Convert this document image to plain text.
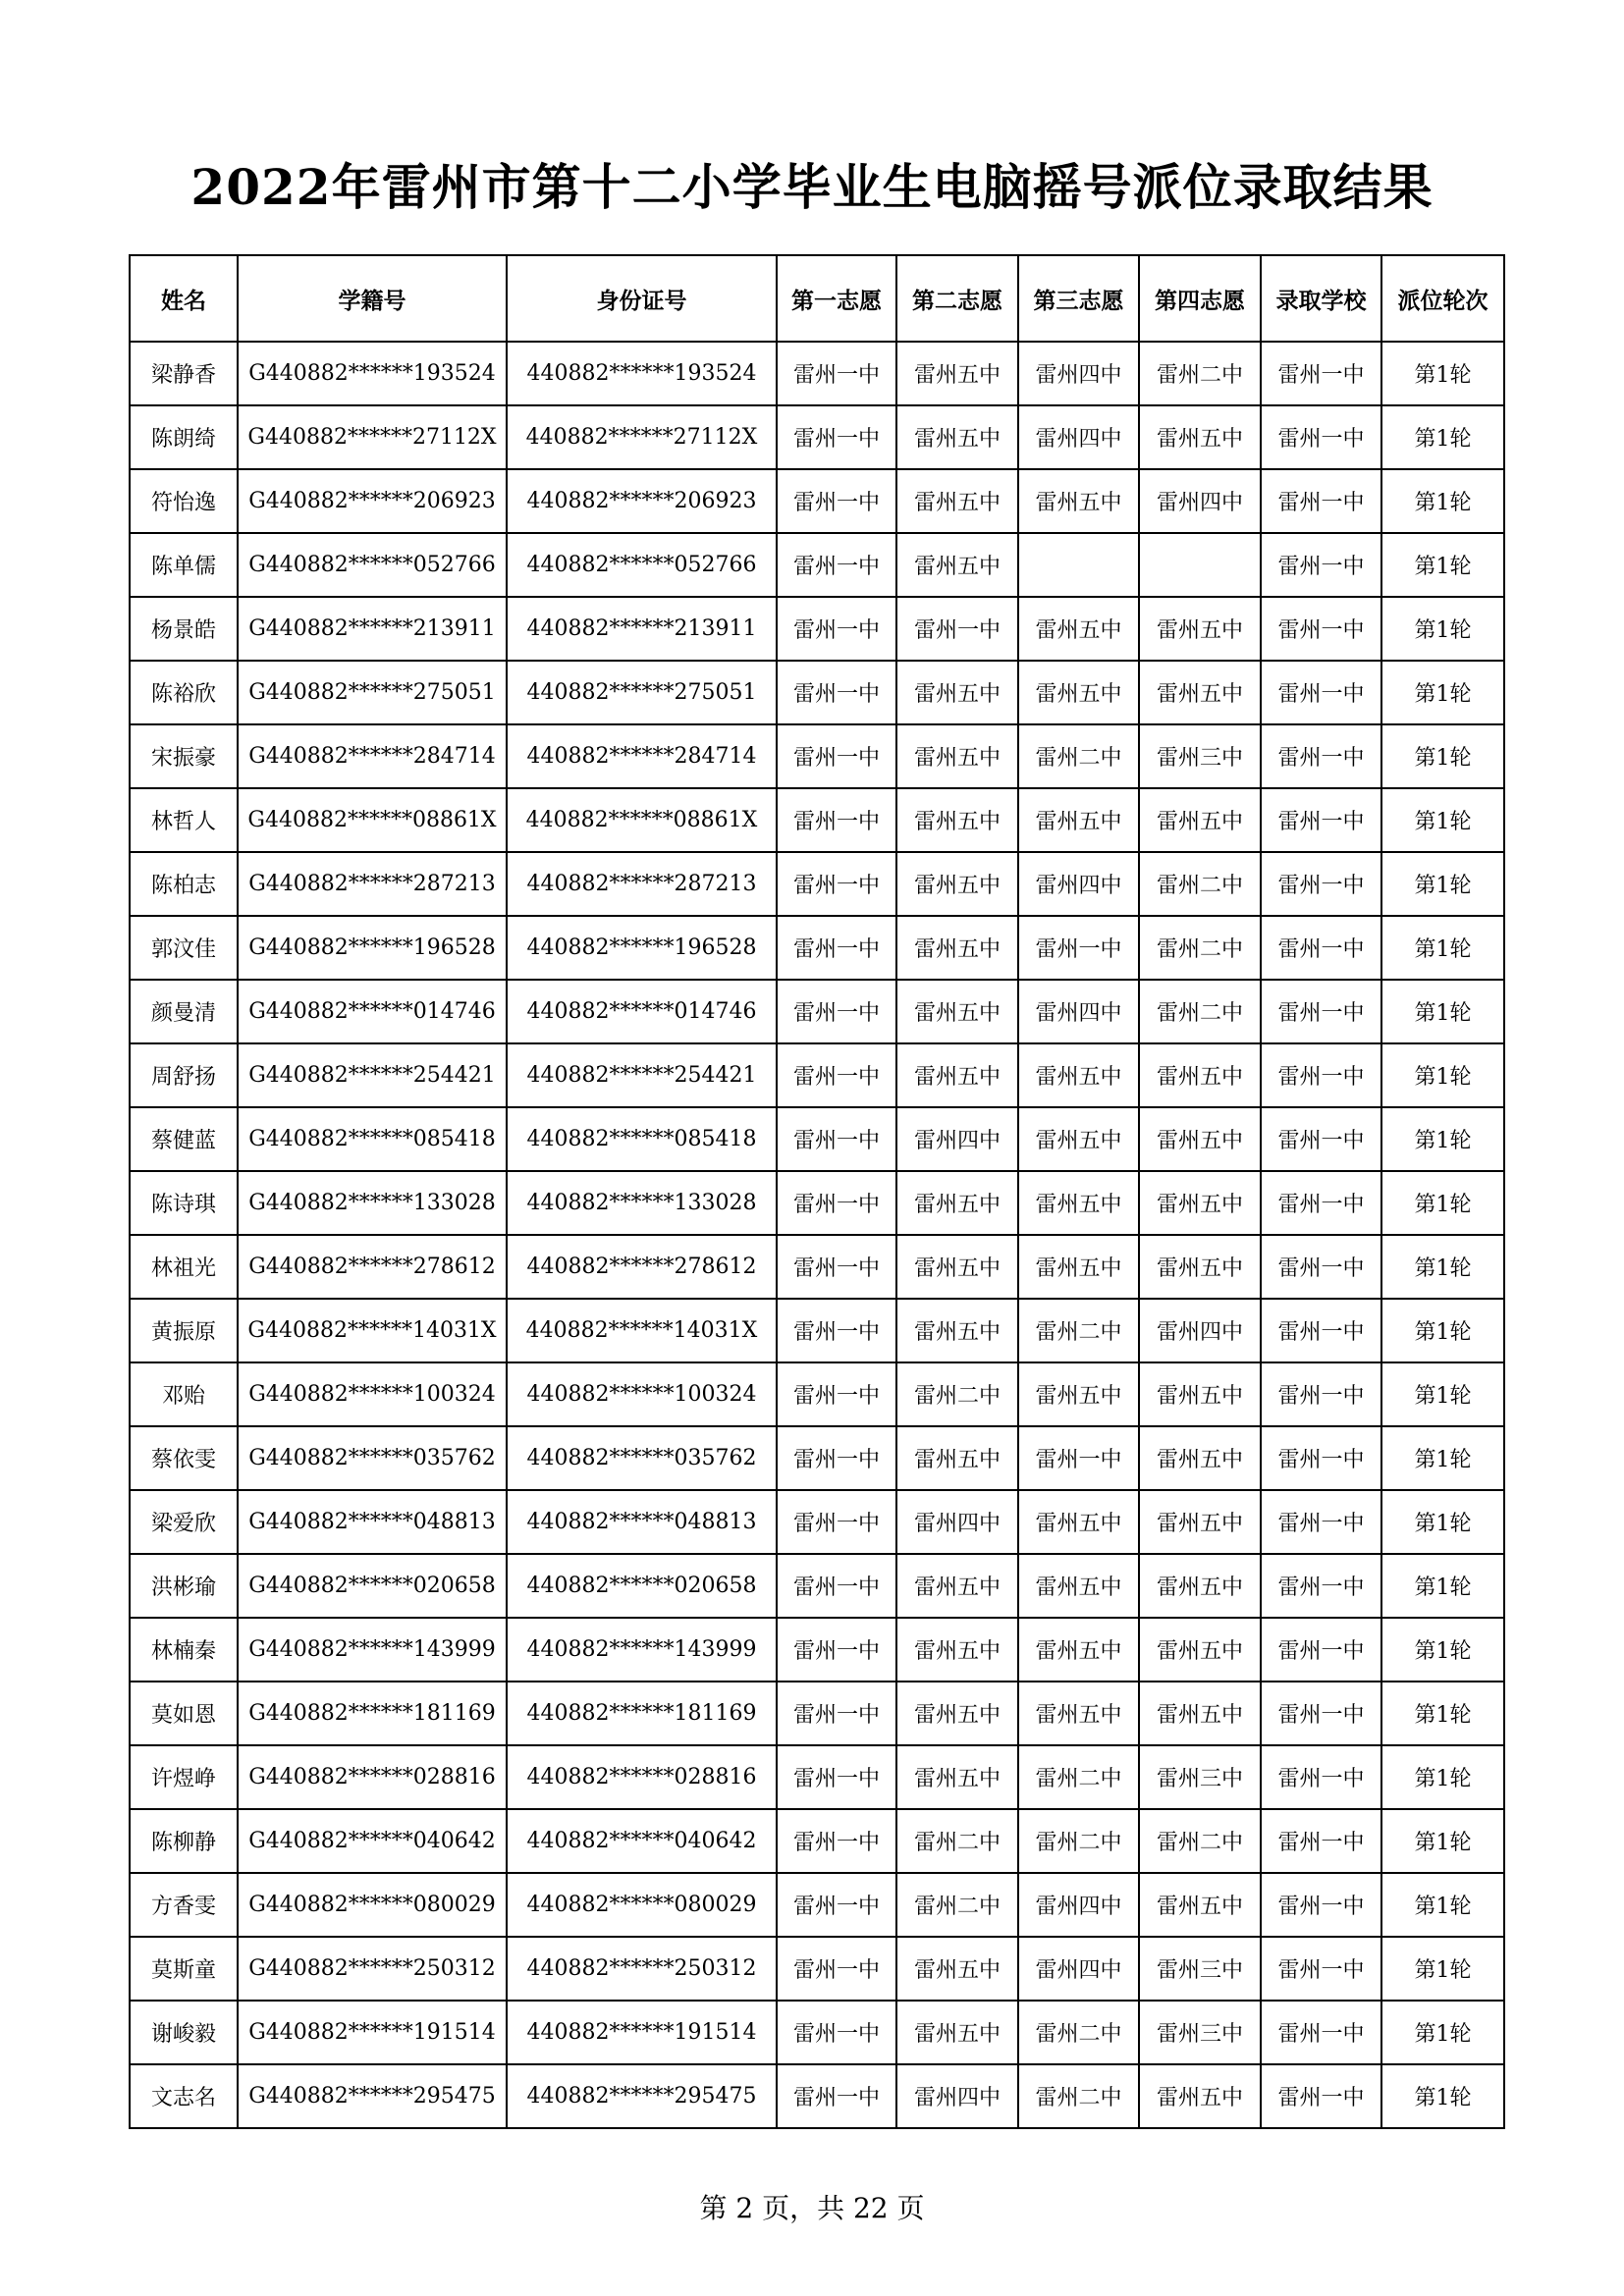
2022年雷州市第十二小学毕业生电脑摇号派位录取结果
姓名	学籍号	身份证号	第一志愿	第二志愿	第三志愿	第四志愿	录取学校	派位轮次
梁静香	G440882******193524	440882******193524	雷州一中	雷州五中	雷州四中	雷州二中	雷州一中	第1轮
陈朗绮	G440882******27112X	440882******27112X	雷州一中	雷州五中	雷州四中	雷州五中	雷州一中	第1轮
符怡逸	G440882******206923	440882******206923	雷州一中	雷州五中	雷州五中	雷州四中	雷州一中	第1轮
陈单儒	G440882******052766	440882******052766	雷州一中	雷州五中			雷州一中	第1轮
杨景皓	G440882******213911	440882******213911	雷州一中	雷州一中	雷州五中	雷州五中	雷州一中	第1轮
陈裕欣	G440882******275051	440882******275051	雷州一中	雷州五中	雷州五中	雷州五中	雷州一中	第1轮
宋振豪	G440882******284714	440882******284714	雷州一中	雷州五中	雷州二中	雷州三中	雷州一中	第1轮
林哲人	G440882******08861X	440882******08861X	雷州一中	雷州五中	雷州五中	雷州五中	雷州一中	第1轮
陈柏志	G440882******287213	440882******287213	雷州一中	雷州五中	雷州四中	雷州二中	雷州一中	第1轮
郭汶佳	G440882******196528	440882******196528	雷州一中	雷州五中	雷州一中	雷州二中	雷州一中	第1轮
颜曼清	G440882******014746	440882******014746	雷州一中	雷州五中	雷州四中	雷州二中	雷州一中	第1轮
周舒扬	G440882******254421	440882******254421	雷州一中	雷州五中	雷州五中	雷州五中	雷州一中	第1轮
蔡健蓝	G440882******085418	440882******085418	雷州一中	雷州四中	雷州五中	雷州五中	雷州一中	第1轮
陈诗琪	G440882******133028	440882******133028	雷州一中	雷州五中	雷州五中	雷州五中	雷州一中	第1轮
林祖光	G440882******278612	440882******278612	雷州一中	雷州五中	雷州五中	雷州五中	雷州一中	第1轮
黄振原	G440882******14031X	440882******14031X	雷州一中	雷州五中	雷州二中	雷州四中	雷州一中	第1轮
邓贻	G440882******100324	440882******100324	雷州一中	雷州二中	雷州五中	雷州五中	雷州一中	第1轮
蔡依雯	G440882******035762	440882******035762	雷州一中	雷州五中	雷州一中	雷州五中	雷州一中	第1轮
梁爱欣	G440882******048813	440882******048813	雷州一中	雷州四中	雷州五中	雷州五中	雷州一中	第1轮
洪彬瑜	G440882******020658	440882******020658	雷州一中	雷州五中	雷州五中	雷州五中	雷州一中	第1轮
林楠秦	G440882******143999	440882******143999	雷州一中	雷州五中	雷州五中	雷州五中	雷州一中	第1轮
莫如恩	G440882******181169	440882******181169	雷州一中	雷州五中	雷州五中	雷州五中	雷州一中	第1轮
许煜峥	G440882******028816	440882******028816	雷州一中	雷州五中	雷州二中	雷州三中	雷州一中	第1轮
陈柳静	G440882******040642	440882******040642	雷州一中	雷州二中	雷州二中	雷州二中	雷州一中	第1轮
方香雯	G440882******080029	440882******080029	雷州一中	雷州二中	雷州四中	雷州五中	雷州一中	第1轮
莫斯童	G440882******250312	440882******250312	雷州一中	雷州五中	雷州四中	雷州三中	雷州一中	第1轮
谢峻毅	G440882******191514	440882******191514	雷州一中	雷州五中	雷州二中	雷州三中	雷州一中	第1轮
文志名	G440882******295475	440882******295475	雷州一中	雷州四中	雷州二中	雷州五中	雷州一中	第1轮
第 2 页，共 22 页
